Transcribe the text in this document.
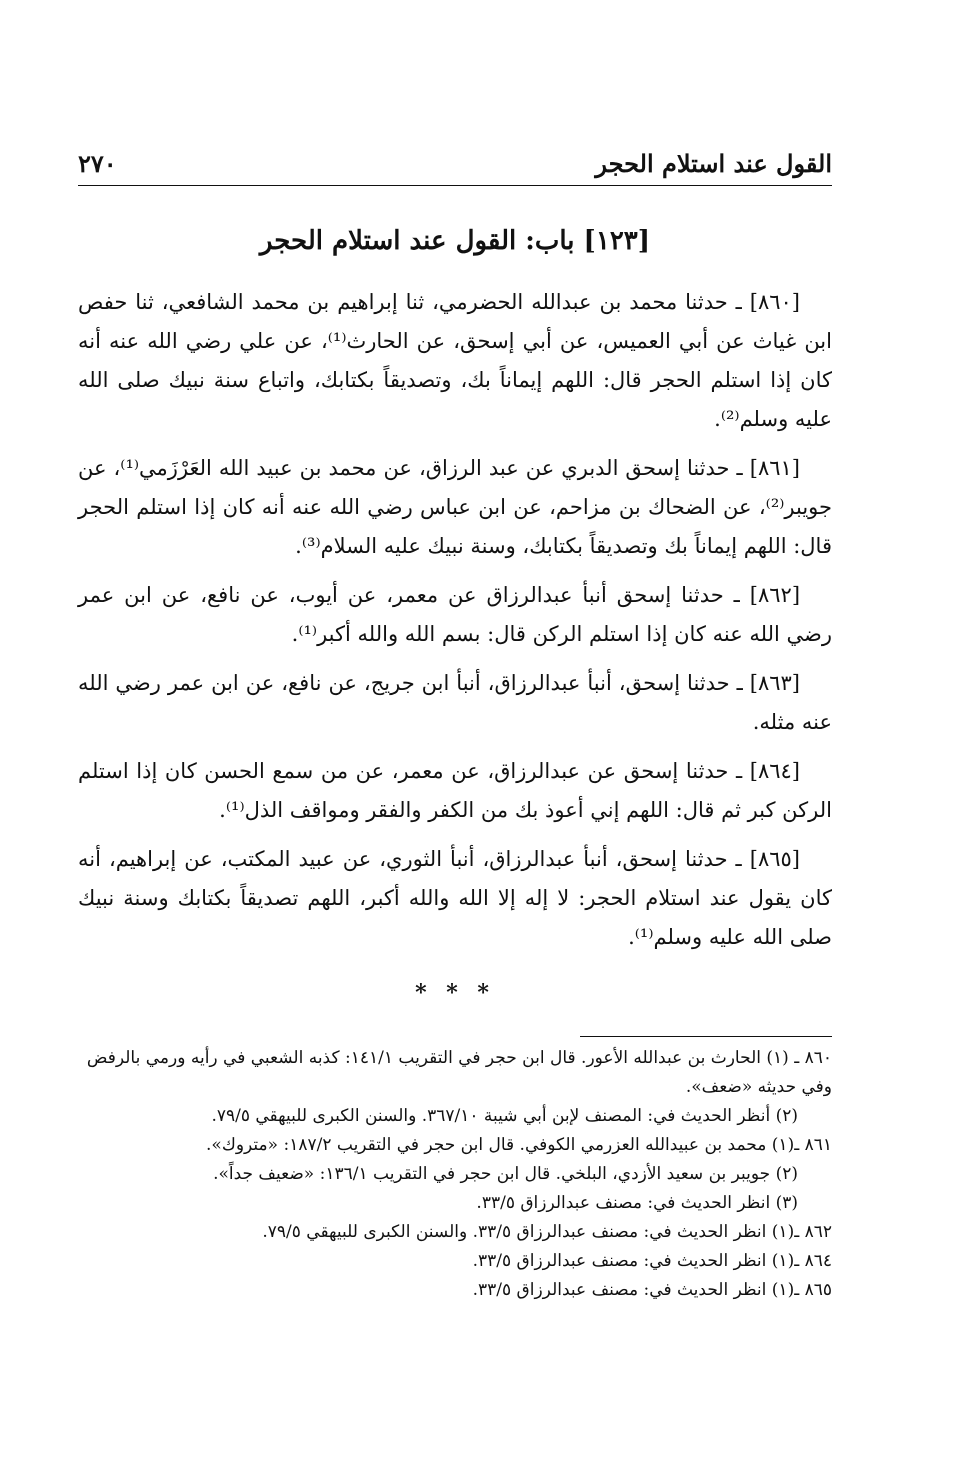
القول عند استلام الحجر
٢٧٠
[١٢٣] باب: القول عند استلام الحجر

[٨٦٠] ـ حدثنا محمد بن عبدالله الحضرمي، ثنا إبراهيم بن محمد الشافعي، ثنا حفص ابن غياث عن أبي العميس، عن أبي إسحق، عن الحارث⁽¹⁾، عن علي رضي الله عنه أنه كان إذا استلم الحجر قال: اللهم إيماناً بك، وتصديقاً بكتابك، واتباع سنة نبيك صلى الله عليه وسلم⁽²⁾.

[٨٦١] ـ حدثنا إسحق الدبري عن عبد الرزاق، عن محمد بن عبيد الله العَرْزَمي⁽¹⁾، عن جويبر⁽²⁾، عن الضحاك بن مزاحم، عن ابن عباس رضي الله عنه أنه كان إذا استلم الحجر قال: اللهم إيماناً بك وتصديقاً بكتابك، وسنة نبيك عليه السلام⁽³⁾.

[٨٦٢] ـ حدثنا إسحق أنبأ عبدالرزاق عن معمر، عن أيوب، عن نافع، عن ابن عمر رضي الله عنه كان إذا استلم الركن قال: بسم الله والله أكبر⁽¹⁾.

[٨٦٣] ـ حدثنا إسحق، أنبأ عبدالرزاق، أنبأ ابن جريج، عن نافع، عن ابن عمر رضي الله عنه مثله.

[٨٦٤] ـ حدثنا إسحق عن عبدالرزاق، عن معمر، عن من سمع الحسن كان إذا استلم الركن كبر ثم قال: اللهم إني أعوذ بك من الكفر والفقر ومواقف الذل⁽¹⁾.

[٨٦٥] ـ حدثنا إسحق، أنبأ عبدالرزاق، أنبأ الثوري، عن عبيد المكتب، عن إبراهيم، أنه كان يقول عند استلام الحجر: لا إله إلا الله والله أكبر، اللهم تصديقاً بكتابك وسنة نبيك صلى الله عليه وسلم⁽¹⁾.

* * *

٨٦٠ ـ (١) الحارث بن عبدالله الأعور. قال ابن حجر في التقريب ١٤١/١: كذبه الشعبي في رأيه ورمي بالرفض وفي حديثه «ضعف».

(٢) أنظر الحديث في: المصنف لإبن أبي شيبة ٣٦٧/١٠. والسنن الكبرى للبيهقي ٧٩/٥.

٨٦١ ـ(١) محمد بن عبيدالله العزرمي الكوفي. قال ابن حجر في التقريب ١٨٧/٢: «متروك».

(٢) جويبر بن سعيد الأزدي، البلخي. قال ابن حجر في التقريب ١٣٦/١: «ضعيف جداً».

(٣) انظر الحديث في: مصنف عبدالرزاق ٣٣/٥.

٨٦٢ ـ(١) انظر الحديث في: مصنف عبدالرزاق ٣٣/٥. والسنن الكبرى للبيهقي ٧٩/٥.

٨٦٤ ـ(١) انظر الحديث في: مصنف عبدالرزاق ٣٣/٥.

٨٦٥ ـ(١) انظر الحديث في: مصنف عبدالرزاق ٣٣/٥.
